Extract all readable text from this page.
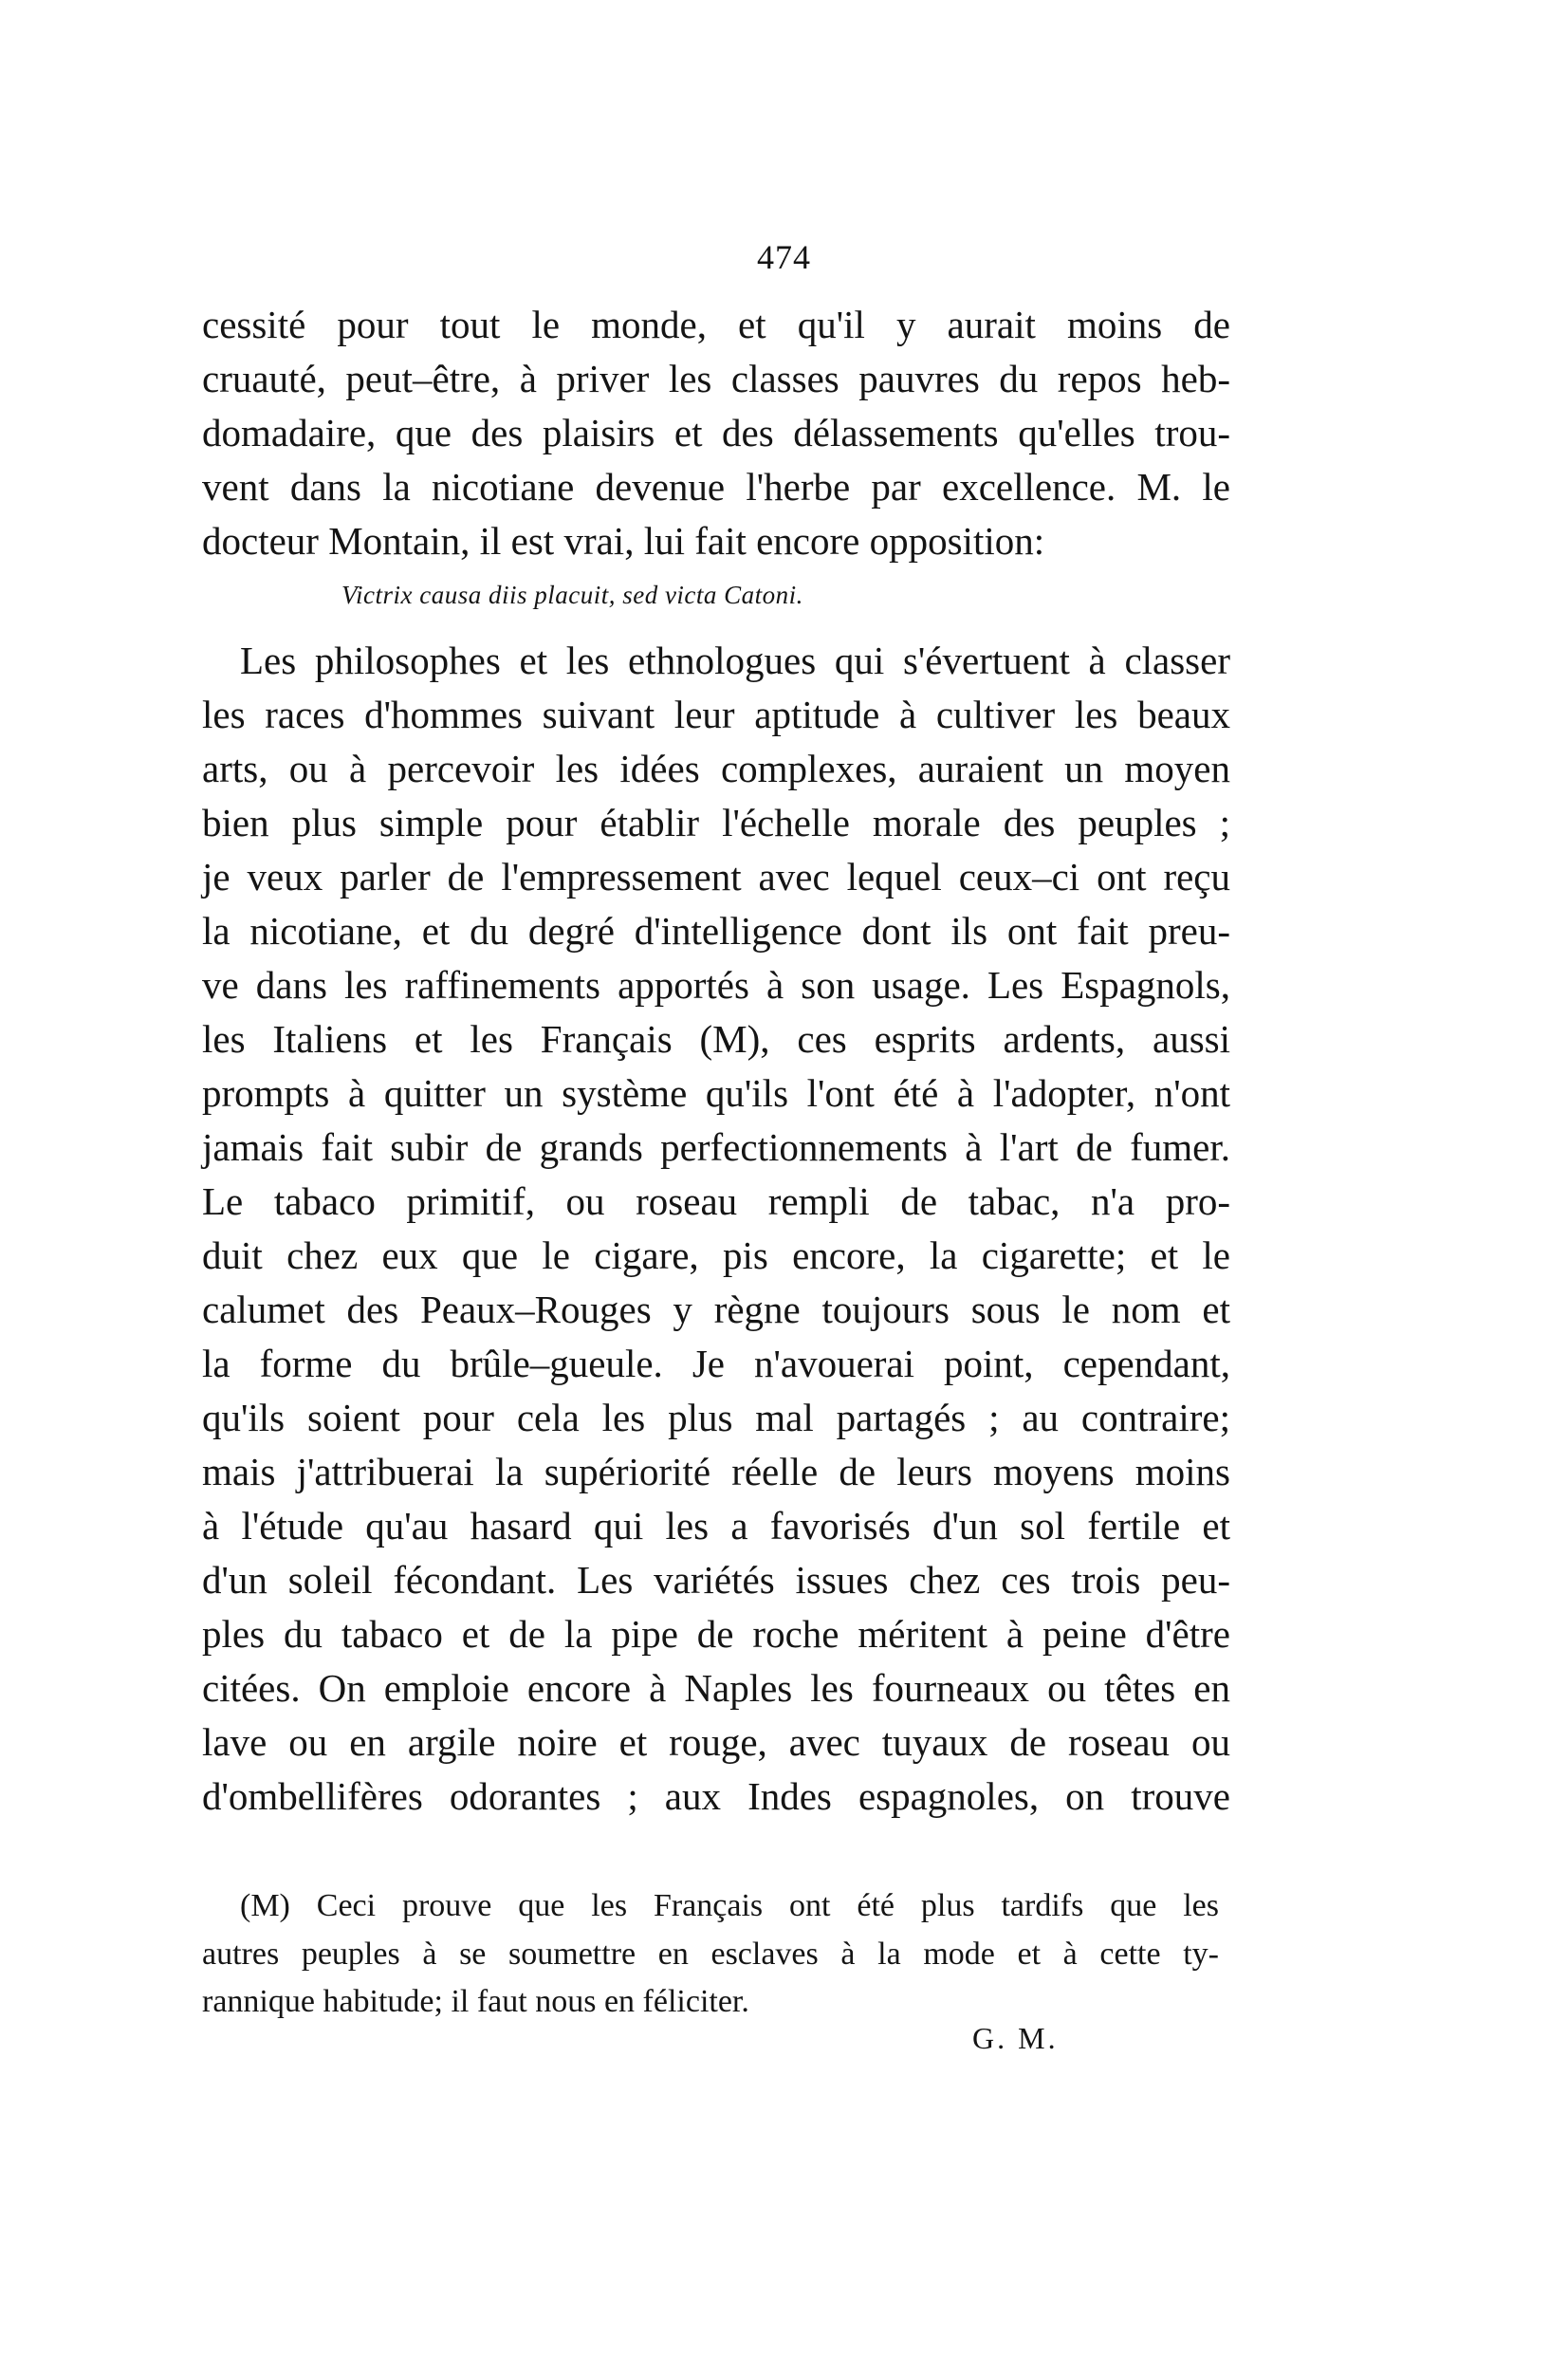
474
cessité pour tout le monde, et qu'il y aurait moins de
cruauté, peut–être, à priver les classes pauvres du repos heb-
domadaire, que des plaisirs et des délassements qu'elles trou-
vent dans la nicotiane devenue l'herbe par excellence. M. le
docteur Montain, il est vrai, lui fait encore opposition:
Victrix causa diis placuit, sed victa Catoni.
Les philosophes et les ethnologues qui s'évertuent à classer
les races d'hommes suivant leur aptitude à cultiver les beaux
arts, ou à percevoir les idées complexes, auraient un moyen
bien plus simple pour établir l'échelle morale des peuples ;
je veux parler de l'empressement avec lequel ceux–ci ont reçu
la nicotiane, et du degré d'intelligence dont ils ont fait preu-
ve dans les raffinements apportés à son usage. Les Espagnols,
les Italiens et les Français (M), ces esprits ardents, aussi
prompts à quitter un système qu'ils l'ont été à l'adopter, n'ont
jamais fait subir de grands perfectionnements à l'art de fumer.
Le tabaco primitif, ou roseau rempli de tabac, n'a pro-
duit chez eux que le cigare, pis encore, la cigarette; et le
calumet des Peaux–Rouges y règne toujours sous le nom et
la forme du brûle–gueule. Je n'avouerai point, cependant,
qu'ils soient pour cela les plus mal partagés ; au contraire;
mais j'attribuerai la supériorité réelle de leurs moyens moins
à l'étude qu'au hasard qui les a favorisés d'un sol fertile et
d'un soleil fécondant. Les variétés issues chez ces trois peu-
ples du tabaco et de la pipe de roche méritent à peine d'être
citées. On emploie encore à Naples les fourneaux ou têtes en
lave ou en argile noire et rouge, avec tuyaux de roseau ou
d'ombellifères odorantes ; aux Indes espagnoles, on trouve
(M) Ceci prouve que les Français ont été plus tardifs que les
autres peuples à se soumettre en esclaves à la mode et à cette ty-
rannique habitude; il faut nous en féliciter.
G. M.
